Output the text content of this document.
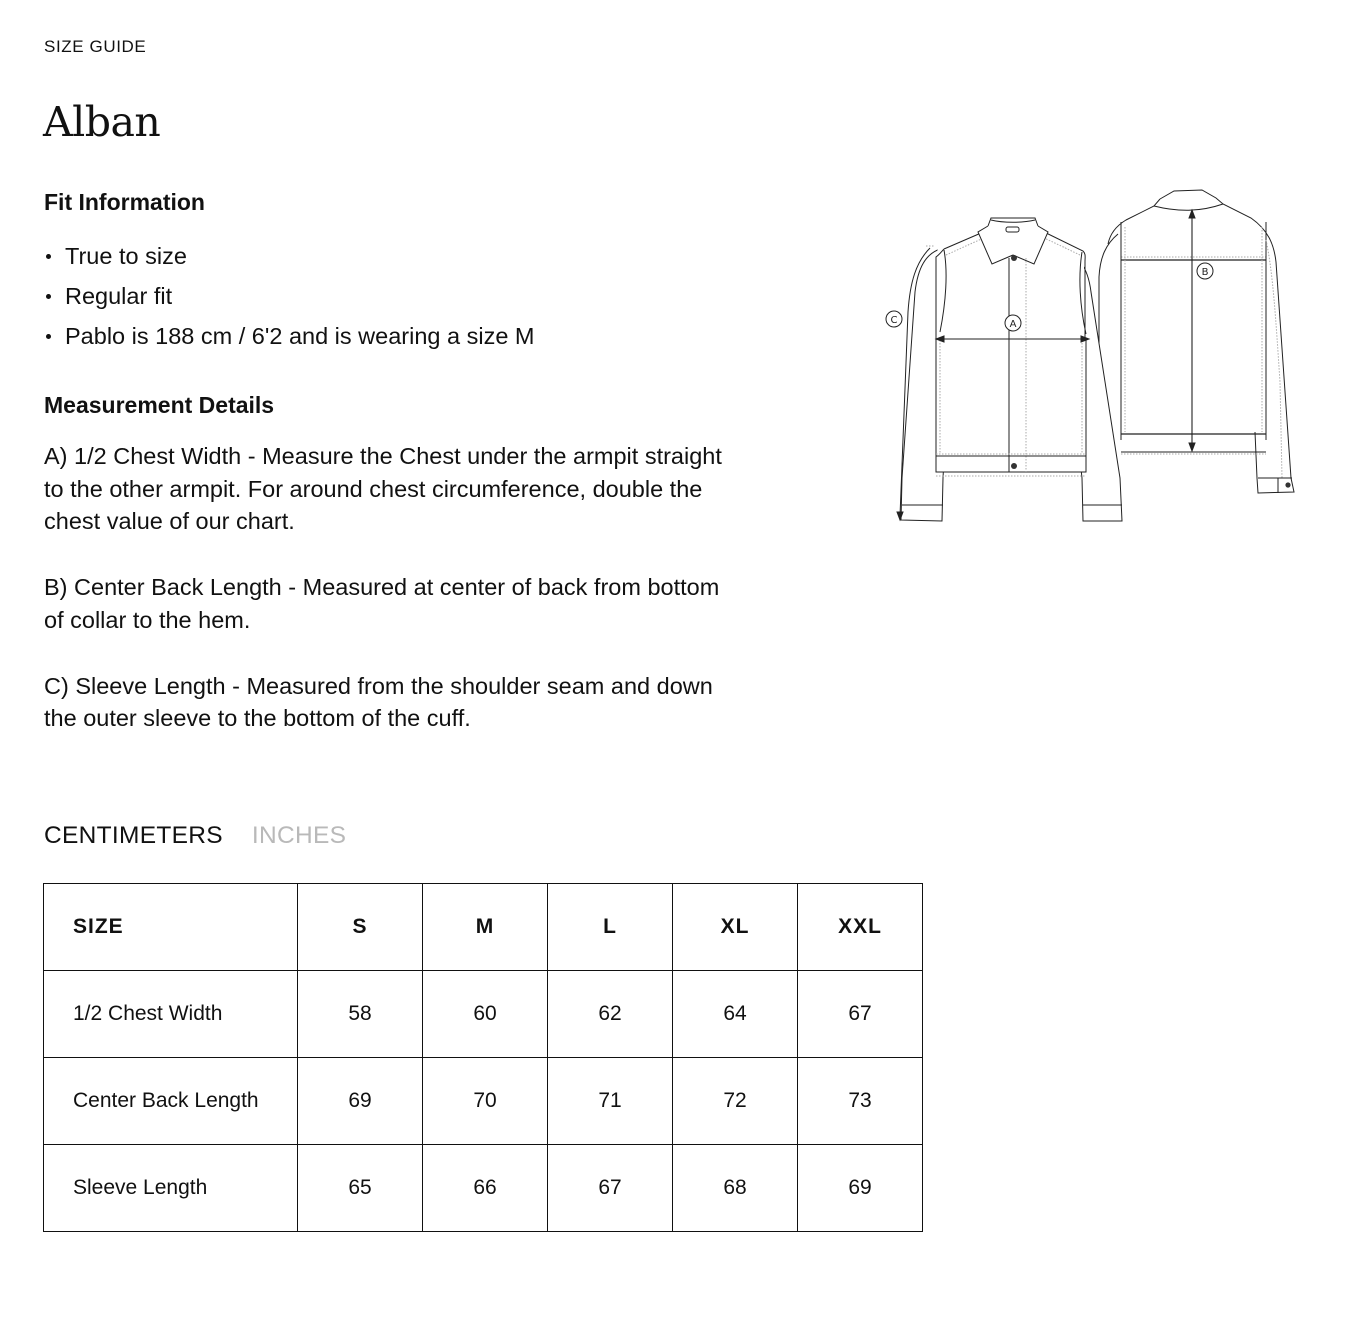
SIZE GUIDE
Alban
Fit Information
True to size
Regular fit
Pablo is 188 cm / 6'2 and is wearing a size M
Measurement Details

A) 1/2 Chest Width - Measure the Chest under the armpit straight to the other armpit. For around chest circumference, double the chest value of our chart.

B) Center Back Length - Measured at center of back from bottom of collar to the hem.

C) Sleeve Length - Measured from the shoulder seam and down the outer sleeve to the bottom of the cuff.

B
A
C
CENTIMETERS INCHES
SIZE	S	M	L	XL	XXL
1/2 Chest Width	58	60	62	64	67
Center Back Length	69	70	71	72	73
Sleeve Length	65	66	67	68	69
